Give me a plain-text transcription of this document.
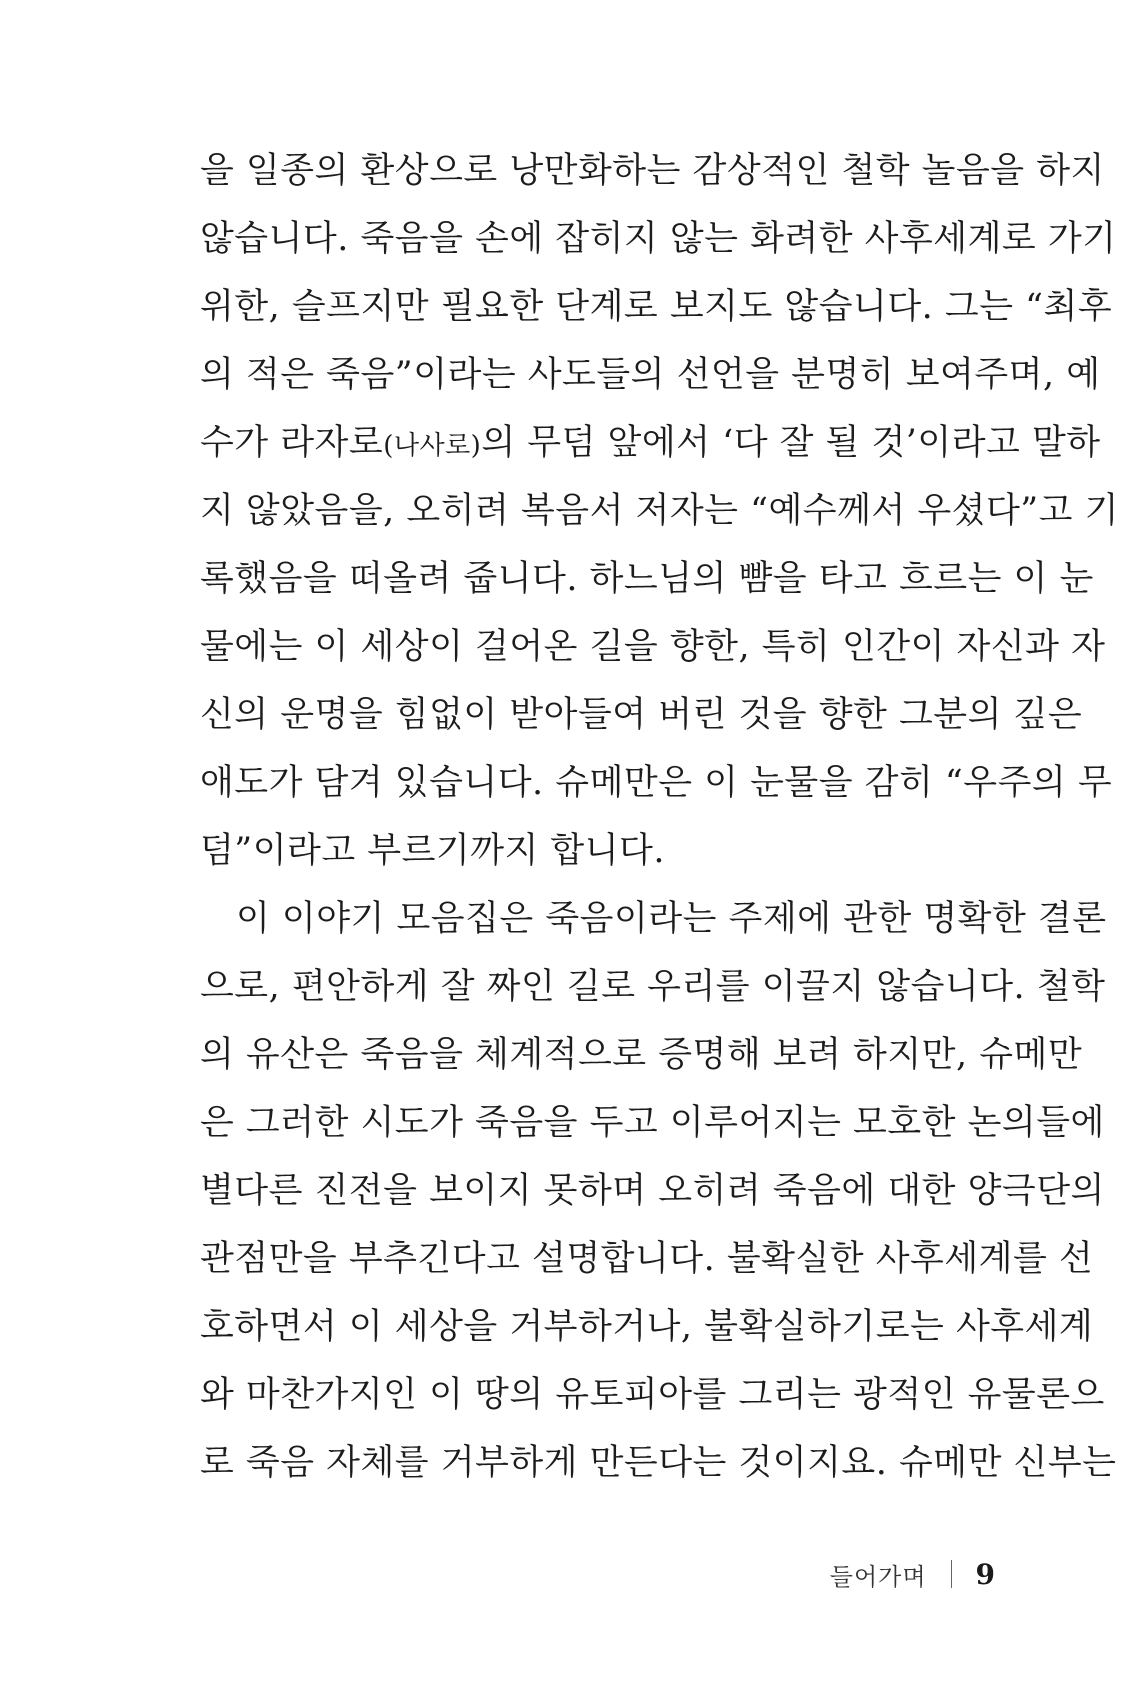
을 일종의 환상으로 낭만화하는 감상적인 철학 놀음을 하지
않습니다. 죽음을 손에 잡히지 않는 화려한 사후세계로 가기
위한, 슬프지만 필요한 단계로 보지도 않습니다. 그는 “최후
의 적은 죽음”이라는 사도들의 선언을 분명히 보여주며, 예
수가 라자로(나사로)의 무덤 앞에서 ‘다 잘 될 것’이라고 말하
지 않았음을, 오히려 복음서 저자는 “예수께서 우셨다”고 기
록했음을 떠올려 줍니다. 하느님의 뺨을 타고 흐르는 이 눈
물에는 이 세상이 걸어온 길을 향한, 특히 인간이 자신과 자
신의 운명을 힘없이 받아들여 버린 것을 향한 그분의 깊은
애도가 담겨 있습니다. 슈메만은 이 눈물을 감히 “우주의 무
덤”이라고 부르기까지 합니다.
이 이야기 모음집은 죽음이라는 주제에 관한 명확한 결론
으로, 편안하게 잘 짜인 길로 우리를 이끌지 않습니다. 철학
의 유산은 죽음을 체계적으로 증명해 보려 하지만, 슈메만
은 그러한 시도가 죽음을 두고 이루어지는 모호한 논의들에
별다른 진전을 보이지 못하며 오히려 죽음에 대한 양극단의
관점만을 부추긴다고 설명합니다. 불확실한 사후세계를 선
호하면서 이 세상을 거부하거나, 불확실하기로는 사후세계
와 마찬가지인 이 땅의 유토피아를 그리는 광적인 유물론으
로 죽음 자체를 거부하게 만든다는 것이지요. 슈메만 신부는
들어가며 9
